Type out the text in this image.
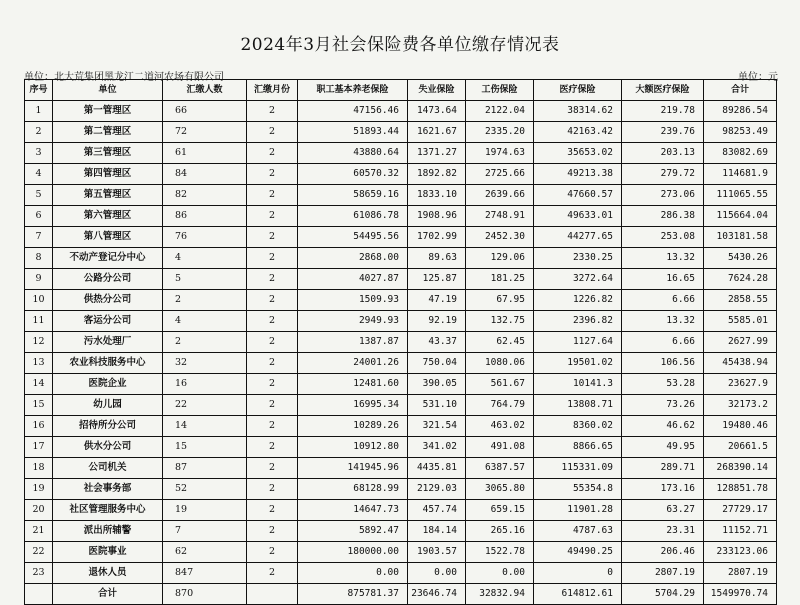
2024年3月社会保险费各单位缴存情况表
单位：北大荒集团黑龙江二道河农场有限公司	单位：元
序号	单位	汇缴人数	汇缴月份	职工基本养老保险	失业保险	工伤保险	医疗保险	大额医疗保险	合计
1	第一管理区	66	2	47156.46	1473.64	2122.04	38314.62	219.78	89286.54
2	第二管理区	72	2	51893.44	1621.67	2335.20	42163.42	239.76	98253.49
3	第三管理区	61	2	43880.64	1371.27	1974.63	35653.02	203.13	83082.69
4	第四管理区	84	2	60570.32	1892.82	2725.66	49213.38	279.72	114681.9
5	第五管理区	82	2	58659.16	1833.10	2639.66	47660.57	273.06	111065.55
6	第六管理区	86	2	61086.78	1908.96	2748.91	49633.01	286.38	115664.04
7	第八管理区	76	2	54495.56	1702.99	2452.30	44277.65	253.08	103181.58
8	不动产登记分中心	4	2	2868.00	89.63	129.06	2330.25	13.32	5430.26
9	公路分公司	5	2	4027.87	125.87	181.25	3272.64	16.65	7624.28
10	供热分公司	2	2	1509.93	47.19	67.95	1226.82	6.66	2858.55
11	客运分公司	4	2	2949.93	92.19	132.75	2396.82	13.32	5585.01
12	污水处理厂	2	2	1387.87	43.37	62.45	1127.64	6.66	2627.99
13	农业科技服务中心	32	2	24001.26	750.04	1080.06	19501.02	106.56	45438.94
14	医院企业	16	2	12481.60	390.05	561.67	10141.3	53.28	23627.9
15	幼儿园	22	2	16995.34	531.10	764.79	13808.71	73.26	32173.2
16	招待所分公司	14	2	10289.26	321.54	463.02	8360.02	46.62	19480.46
17	供水分公司	15	2	10912.80	341.02	491.08	8866.65	49.95	20661.5
18	公司机关	87	2	141945.96	4435.81	6387.57	115331.09	289.71	268390.14
19	社会事务部	52	2	68128.99	2129.03	3065.80	55354.8	173.16	128851.78
20	社区管理服务中心	19	2	14647.73	457.74	659.15	11901.28	63.27	27729.17
21	派出所辅警	7	2	5892.47	184.14	265.16	4787.63	23.31	11152.71
22	医院事业	62	2	180000.00	1903.57	1522.78	49490.25	206.46	233123.06
23	退休人员	847	2	0.00	0.00	0.00	0	2807.19	2807.19
	合计	870		875781.37	23646.74	32832.94	614812.61	5704.29	1549970.74
